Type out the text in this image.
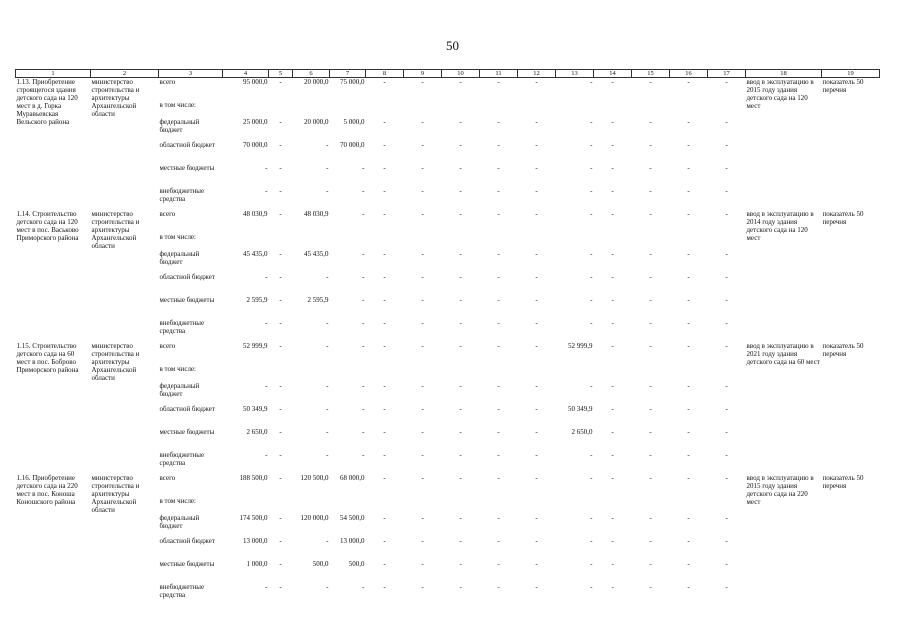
50
1	2	3	4	5	6	7	8	9	10	11	12	13	14	15	16	17	18	19
1.13. Приобретение строящегося здания детского сада на 120 мест в д. Горка Муравьевская Вельского района	министерство строительства и архитектуры Архангельской области	всего	95 000,0	-	20 000,0	75 000,0	-	-	-	-	-	-	-	-	-	-	ввод в эксплуатацию в 2015 году здания детского сада на 120 мест	показатель 50 перечня
		в том числе:																
		федеральный бюджет	25 000,0	-	20 000,0	5 000,0	-	-	-	-	-	-	-	-	-	-		
		областной бюджет	70 000,0	-	-	70 000,0	-	-	-	-	-	-	-	-	-	-		
		местные бюджеты	-	-	-	-	-	-	-	-	-	-	-	-	-	-		
		внебюджетные средства	-	-	-	-	-	-	-	-	-	-	-	-	-	-		
1.14. Строительство детского сада на 120 мест в пос. Васьково Приморского района	министерство строительства и архитектуры Архангельской области	всего	48 030,9	-	48 030,9	-	-	-	-	-	-	-	-	-	-	-	ввод в эксплуатацию в 2014 году здания детского сада на 120 мест	показатель 50 перечня
		в том числе:																
		федеральный бюджет	45 435,0	-	45 435,0	-	-	-	-	-	-	-	-	-	-	-		
		областной бюджет	-	-	-	-	-	-	-	-	-	-	-	-	-	-		
		местные бюджеты	2 595,9	-	2 595,9	-	-	-	-	-	-	-	-	-	-	-		
		внебюджетные средства	-	-	-	-	-	-	-	-	-	-	-	-	-	-		
1.15. Строительство детского сада на 60 мест в пос. Боброво Приморского района	министерство строительства и архитектуры Архангельской области	всего	52 999,9	-	-	-	-	-	-	-	-	52 999,9	-	-	-	-	ввод в эксплуатацию в 2021 году здания детского сада на 60 мест	показатель 50 перечня
		в том числе:																
		федеральный бюджет	-	-	-	-	-	-	-	-	-	-	-	-	-	-		
		областной бюджет	50 349,9	-	-	-	-	-	-	-	-	50 349,9	-	-	-	-		
		местные бюджеты	2 650,0	-	-	-	-	-	-	-	-	2 650,0	-	-	-	-		
		внебюджетные средства	-	-	-	-	-	-	-	-	-	-	-	-	-	-		
1.16. Приобретение детского сада на 220 мест в пос. Коноша Коношского района	министерство строительства и архитектуры Архангельской области	всего	188 500,0	-	120 500,0	68 000,0	-	-	-	-	-	-	-	-	-	-	ввод в эксплуатацию в 2015 году здания детского сада на 220 мест	показатель 50 перечня
		в том числе:																
		федеральный бюджет	174 500,0	-	120 000,0	54 500,0	-	-	-	-	-	-	-	-	-	-		
		областной бюджет	13 000,0	-	-	13 000,0	-	-	-	-	-	-	-	-	-	-		
		местные бюджеты	1 000,0	-	500,0	500,0	-	-	-	-	-	-	-	-	-	-		
		внебюджетные средства	-	-	-	-	-	-	-	-	-	-	-	-	-	-		
